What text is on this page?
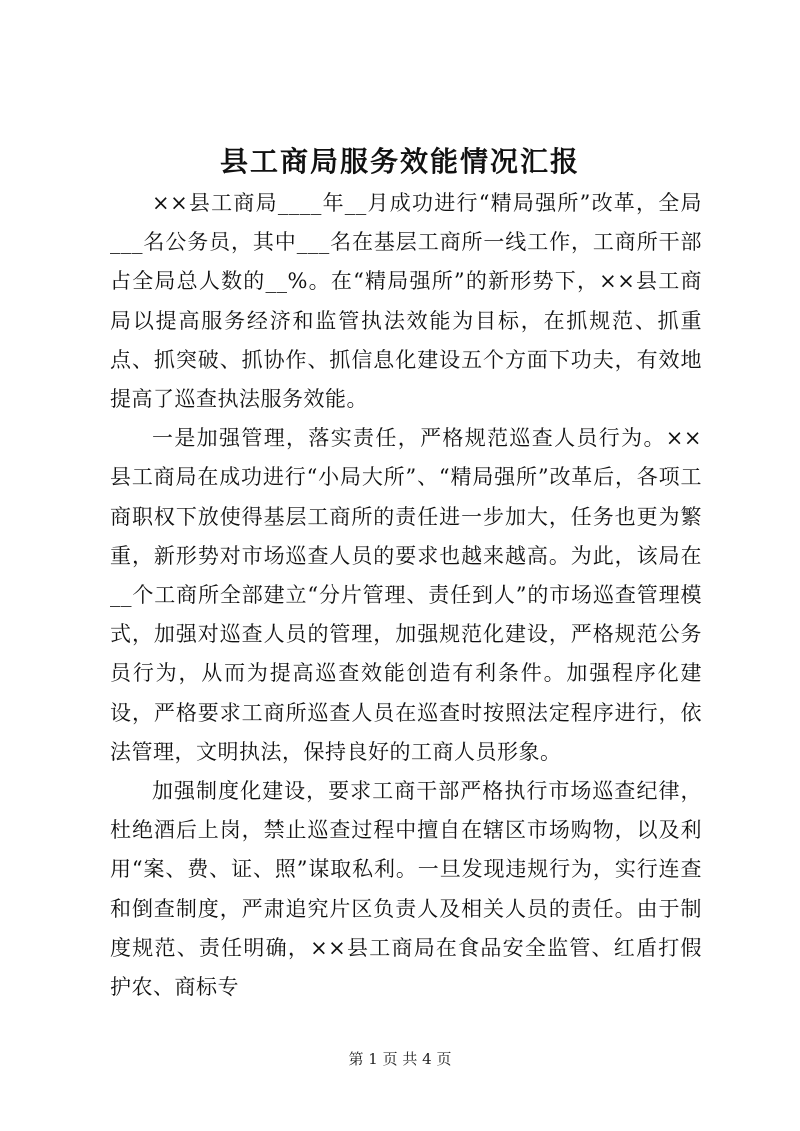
县工商局服务效能情况汇报

××县工商局____年__月成功进行“精局强所”改革，全局___名公务员，其中___名在基层工商所一线工作，工商所干部占全局总人数的__%。在“精局强所”的新形势下，××县工商局以提高服务经济和监管执法效能为目标，在抓规范、抓重点、抓突破、抓协作、抓信息化建设五个方面下功夫，有效地提高了巡查执法服务效能。

一是加强管理，落实责任，严格规范巡查人员行为。××县工商局在成功进行“小局大所”、“精局强所”改革后，各项工商职权下放使得基层工商所的责任进一步加大，任务也更为繁重，新形势对市场巡查人员的要求也越来越高。为此，该局在__个工商所全部建立“分片管理、责任到人”的市场巡查管理模式，加强对巡查人员的管理，加强规范化建设，严格规范公务员行为，从而为提高巡查效能创造有利条件。加强程序化建设，严格要求工商所巡查人员在巡查时按照法定程序进行，依法管理，文明执法，保持良好的工商人员形象。

加强制度化建设，要求工商干部严格执行市场巡查纪律，杜绝酒后上岗，禁止巡查过程中擅自在辖区市场购物，以及利用“案、费、证、照”谋取私利。一旦发现违规行为，实行连查和倒查制度，严肃追究片区负责人及相关人员的责任。由于制度规范、责任明确，××县工商局在食品安全监管、红盾打假护农、商标专

第 1 页 共 4 页
